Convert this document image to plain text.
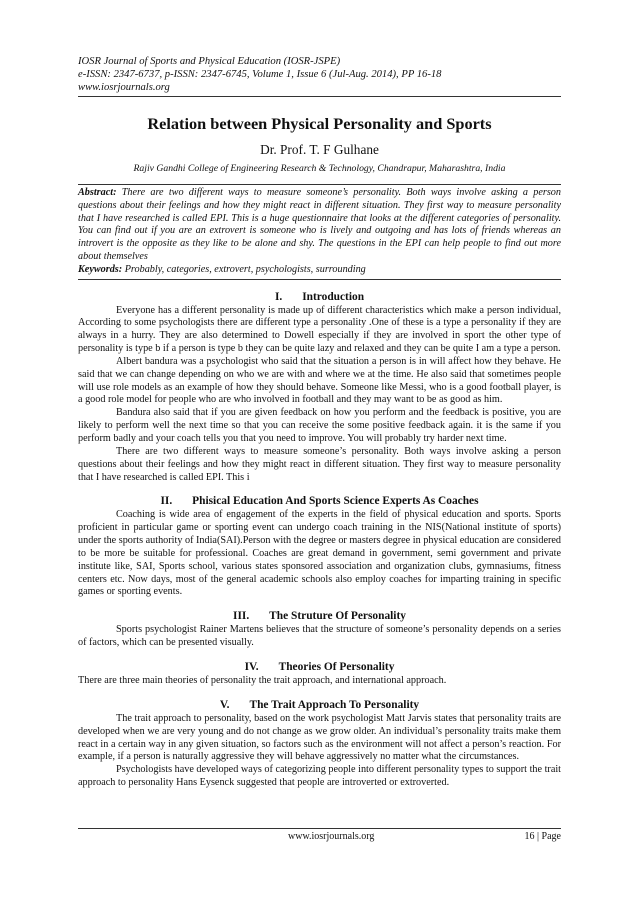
IOSR Journal of Sports and Physical Education (IOSR-JSPE)
e-ISSN: 2347-6737, p-ISSN: 2347-6745, Volume 1, Issue 6 (Jul-Aug. 2014), PP 16-18
www.iosrjournals.org
Relation between Physical Personality and Sports
Dr. Prof. T. F Gulhane
Rajiv Gandhi College of Engineering Research & Technology, Chandrapur, Maharashtra, India
Abstract: There are two different ways to measure someone’s personality. Both ways involve asking a person questions about their feelings and how they might react in different situation. They first way to measure personality that I have researched is called EPI. This is a huge questionnaire that looks at the different categories of personality. You can find out if you are an extrovert is someone who is lively and outgoing and has lots of friends whereas an introvert is the opposite as they like to be alone and shy. The questions in the EPI can help people to find out more about themselves
Keywords: Probably, categories, extrovert, psychologists, surrounding
I. Introduction
Everyone has a different personality is made up of different characteristics which make a person individual, According to some psychologists there are different type a personality .One of these is a type a personality if they are always in a hurry. They are also determined to Dowell especially if they are involved in sport the other type of personality is type b if a person is type b they can be quite lazy and relaxed and they can be quite I am a type a person.
Albert bandura was a psychologist who said that the situation a person is in will affect how they behave. He said that we can change depending on who we are with and where we at the time. He also said that sometimes people will use role models as an example of how they should behave. Someone like Messi, who is a good football player, is a good role model for people who are who involved in football and they may want to be as good as him.
Bandura also said that if you are given feedback on how you perform and the feedback is positive, you are likely to perform well the next time so that you can receive the some positive feedback again. it is the same if you perform badly and your coach tells you that you need to improve. You will probably try harder next time.
There are two different ways to measure someone’s personality. Both ways involve asking a person questions about their feelings and how they might react in different situation. They first way to measure personality that I have researched is called EPI. This i
II. Phisical Education And Sports Science Experts As Coaches
Coaching is wide area of engagement of the experts in the field of physical education and sports. Sports proficient in particular game or sporting event can undergo coach training in the NIS(National institute of sports) under the sports authority of India(SAI).Person with the degree or masters degree in physical education are considered to be more be suitable for professional. Coaches are great demand in government, semi government and private institute like, SAI, Sports school, various states sponsored association and organization clubs, gymnasiums, fitness centers etc. Now days, most of the general academic schools also employ coaches for imparting training in specific games or sporting events.
III. The Struture Of Personality
Sports psychologist Rainer Martens believes that the structure of someone’s personality depends on a series of factors, which can be presented visually.
IV. Theories Of Personality
There are three main theories of personality the trait approach, and international approach.
V. The Trait Approach To Personality
The trait approach to personality, based on the work psychologist Matt Jarvis states that personality traits are developed when we are very young and do not change as we grow older. An individual’s personality traits make them react in a certain way in any given situation, so factors such as the environment will not affect a person’s reaction. For example, if a person is naturally aggressive they will behave aggressively no matter what the circumstances.
Psychologists have developed ways of categorizing people into different personality types to support the trait approach to personality Hans Eysenck suggested that people are introverted or extroverted.
www.iosrjournals.org	16 | Page
